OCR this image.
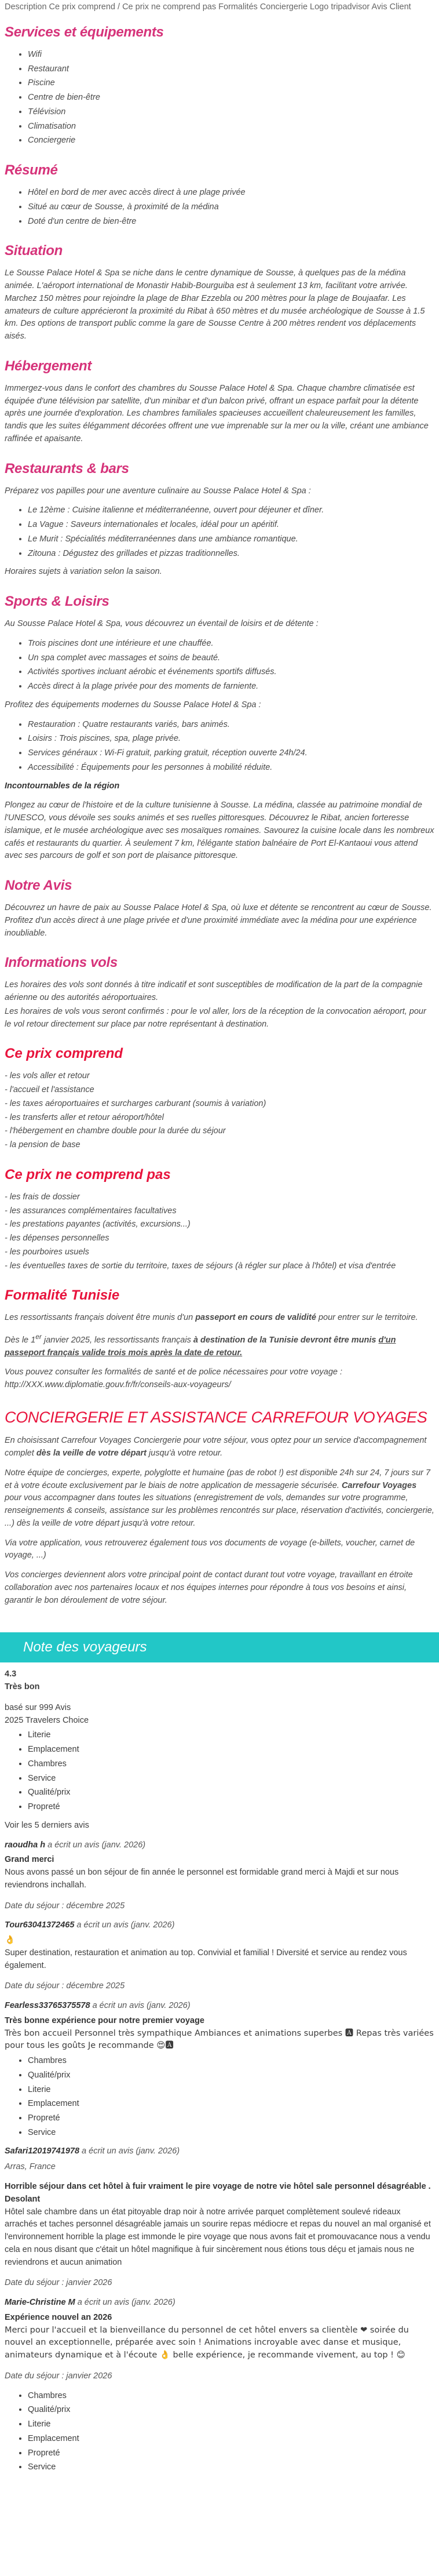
Description Ce prix comprend / Ce prix ne comprend pas Formalités Conciergerie Logo tripadvisor Avis Client

Services et équipements
• Wifi
• Restaurant
• Piscine
• Centre de bien-être
• Télévision
• Climatisation
• Conciergerie
Résumé
• Hôtel en bord de mer avec accès direct à une plage privée
• Situé au cœur de Sousse, à proximité de la médina
• Doté d'un centre de bien-être
Situation

Le Sousse Palace Hotel & Spa se niche dans le centre dynamique de Sousse, à quelques pas de la médina animée. L'aéroport international de Monastir Habib-Bourguiba est à seulement 13 km, facilitant votre arrivée. Marchez 150 mètres pour rejoindre la plage de Bhar Ezzebla ou 200 mètres pour la plage de Boujaafar. Les amateurs de culture apprécieront la proximité du Ribat à 650 mètres et du musée archéologique de Sousse à 1.5 km. Des options de transport public comme la gare de Sousse Centre à 200 mètres rendent vos déplacements aisés.

Hébergement

Immergez-vous dans le confort des chambres du Sousse Palace Hotel & Spa. Chaque chambre climatisée est équipée d'une télévision par satellite, d'un minibar et d'un balcon privé, offrant un espace parfait pour la détente après une journée d'exploration. Les chambres familiales spacieuses accueillent chaleureusement les familles, tandis que les suites élégamment décorées offrent une vue imprenable sur la mer ou la ville, créant une ambiance raffinée et apaisante.

Restaurants & bars

Préparez vos papilles pour une aventure culinaire au Sousse Palace Hotel & Spa :

• Le 12ème : Cuisine italienne et méditerranéenne, ouvert pour déjeuner et dîner.
• La Vague : Saveurs internationales et locales, idéal pour un apéritif.
• Le Murit : Spécialités méditerranéennes dans une ambiance romantique.
• Zitouna : Dégustez des grillades et pizzas traditionnelles.

Horaires sujets à variation selon la saison.

Sports & Loisirs

Au Sousse Palace Hotel & Spa, vous découvrez un éventail de loisirs et de détente :

• Trois piscines dont une intérieure et une chauffée.
• Un spa complet avec massages et soins de beauté.
• Activités sportives incluant aérobic et événements sportifs diffusés.
• Accès direct à la plage privée pour des moments de farniente.

Profitez des équipements modernes du Sousse Palace Hotel & Spa :

• Restauration : Quatre restaurants variés, bars animés.
• Loisirs : Trois piscines, spa, plage privée.
• Services généraux : Wi-Fi gratuit, parking gratuit, réception ouverte 24h/24.
• Accessibilité : Équipements pour les personnes à mobilité réduite.

Incontournables de la région

Plongez au cœur de l'histoire et de la culture tunisienne à Sousse. La médina, classée au patrimoine mondial de l'UNESCO, vous dévoile ses souks animés et ses ruelles pittoresques. Découvrez le Ribat, ancien forteresse islamique, et le musée archéologique avec ses mosaïques romaines. Savourez la cuisine locale dans les nombreux cafés et restaurants du quartier. À seulement 7 km, l'élégante station balnéaire de Port El-Kantaoui vous attend avec ses parcours de golf et son port de plaisance pittoresque.

Notre Avis

Découvrez un havre de paix au Sousse Palace Hotel & Spa, où luxe et détente se rencontrent au cœur de Sousse. Profitez d'un accès direct à une plage privée et d'une proximité immédiate avec la médina pour une expérience inoubliable.

Informations vols

Les horaires des vols sont donnés à titre indicatif et sont susceptibles de modification de la part de la compagnie aérienne ou des autorités aéroportuaires.

Les horaires de vols vous seront confirmés : pour le vol aller, lors de la réception de la convocation aéroport, pour le vol retour directement sur place par notre représentant à destination.

Ce prix comprend
- les vols aller et retour
- l'accueil et l'assistance
- les taxes aéroportuaires et surcharges carburant (soumis à variation)
- les transferts aller et retour aéroport/hôtel
- l'hébergement en chambre double pour la durée du séjour
- la pension de base
Ce prix ne comprend pas
- les frais de dossier
- les assurances complémentaires facultatives
- les prestations payantes (activités, excursions...)
- les dépenses personnelles
- les pourboires usuels
- les éventuelles taxes de sortie du territoire, taxes de séjours (à régler sur place à l'hôtel) et visa d'entrée
Formalité Tunisie

Les ressortissants français doivent être munis d'un passeport en cours de validité pour entrer sur le territoire.

Dès le 1er janvier 2025, les ressortissants français à destination de la Tunisie devront être munis d'un passeport français valide trois mois après la date de retour.

Vous pouvez consulter les formalités de santé et de police nécessaires pour votre voyage :

http://XXX.www.diplomatie.gouv.fr/fr/conseils-aux-voyageurs/

CONCIERGERIE ET ASSISTANCE CARREFOUR VOYAGES

En choisissant Carrefour Voyages Conciergerie pour votre séjour, vous optez pour un service d'accompagnement complet dès la veille de votre départ jusqu'à votre retour.

Notre équipe de concierges, experte, polyglotte et humaine (pas de robot !) est disponible 24h sur 24, 7 jours sur 7 et à votre écoute exclusivement par le biais de notre application de messagerie sécurisée. Carrefour Voyages pour vous accompagner dans toutes les situations (enregistrement de vols, demandes sur votre programme, renseignements & conseils, assistance sur les problèmes rencontrés sur place, réservation d'activités, conciergerie, ...) dès la veille de votre départ jusqu'à votre retour.

Via votre application, vous retrouverez également tous vos documents de voyage (e-billets, voucher, carnet de voyage, ...)

Vos concierges deviennent alors votre principal point de contact durant tout votre voyage, travaillant en étroite collaboration avec nos partenaires locaux et nos équipes internes pour répondre à tous vos besoins et ainsi, garantir le bon déroulement de votre séjour.

Note des voyageurs
4.3
Très bon
basé sur 999 Avis
2025 Travelers Choice
• Literie
• Emplacement
• Chambres
• Service
• Qualité/prix
• Propreté

Voir les 5 derniers avis

raoudha h a écrit un avis (janv. 2026)

Grand merci
Nous avons passé un bon séjour de fin année le personnel est formidable grand merci à Majdi et sur nous reviendrons inchallah.

Date du séjour : décembre 2025

Tour63041372465 a écrit un avis (janv. 2026)

👌
Super destination, restauration et animation au top. Convivial et familial ! Diversité et service au rendez vous également.

Date du séjour : décembre 2025

Fearless33765375578 a écrit un avis (janv. 2026)

Très bonne expérience pour notre premier voyage
Très bon accueil Personnel très sympathique Ambiances et animations superbes 🅰 Repas très variées pour tous les goûts Je recommande 😍🅰
• Chambres
• Qualité/prix
• Literie
• Emplacement
• Propreté
• Service

Safari12019741978 a écrit un avis (janv. 2026)

Arras, France

Horrible séjour dans cet hôtel à fuir vraiment le pire voyage de notre vie hôtel sale personnel désagréable . Desolant
Hôtel sale chambre dans un état pitoyable drap noir à notre arrivée parquet complètement soulevé rideaux arrachés et taches personnel désagréable jamais un sourire repas médiocre et repas du nouvel an mal organisé et l'environnement horrible la plage est immonde le pire voyage que nous avons fait et promouvacance nous a vendu cela en nous disant que c'était un hôtel magnifique à fuir sincèrement nous étions tous déçu et jamais nous ne reviendrons et aucun animation

Date du séjour : janvier 2026

Marie-Christine M a écrit un avis (janv. 2026)

Expérience nouvel an 2026
Merci pour l'accueil et la bienveillance du personnel de cet hôtel envers sa clientèle ❤ soirée du nouvel an exceptionnelle, préparée avec soin ! Animations incroyable avec danse et musique, animateurs dynamique et à l'écoute 👌 belle expérience, je recommande vivement, au top ! 😊

Date du séjour : janvier 2026

• Chambres
• Qualité/prix
• Literie
• Emplacement
• Propreté
• Service
